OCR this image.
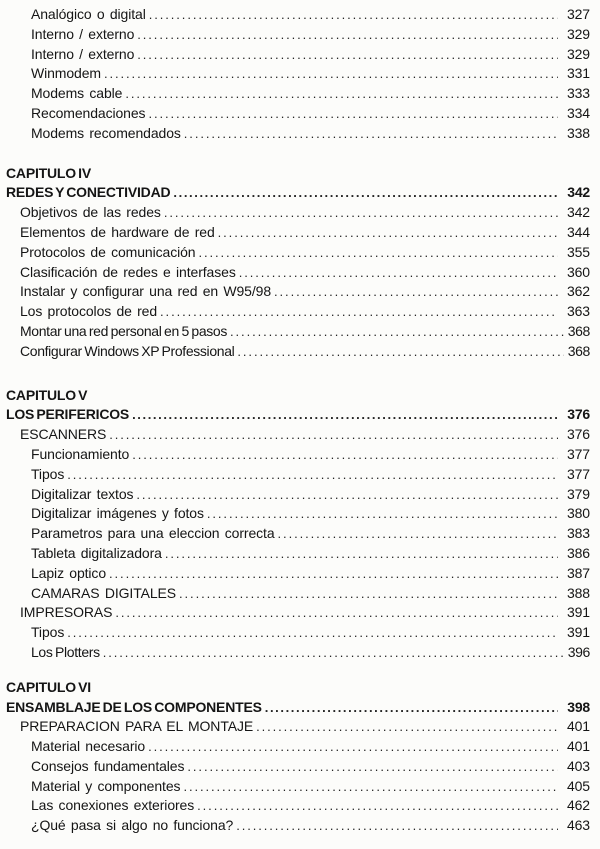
Analógico o digital .....	327
Interno / externo .....	329
Interno / externo .....	329
Winmodem .....	331
Modems cable .....	333
Recomendaciones .....	334
Modems recomendados .....	338
CAPITULO IV
REDES Y CONECTIVIDAD .....	342
Objetivos de las redes .....	342
Elementos de hardware de red .....	344
Protocolos de comunicación .....	355
Clasificación de redes e interfases .....	360
Instalar y configurar una red en W95/98 .....	362
Los protocolos de red .....	363
Montar una red personal en 5 pasos .....	368
Configurar Windows XP Professional .....	368
CAPITULO V
LOS PERIFERICOS .....	376
ESCANNERS .....	376
Funcionamiento .....	377
Tipos .....	377
Digitalizar textos .....	379
Digitalizar imágenes y fotos .....	380
Parametros para una eleccion correcta .....	383
Tableta digitalizadora .....	386
Lapiz optico .....	387
CAMARAS DIGITALES .....	388
IMPRESORAS .....	391
Tipos .....	391
Los Plotters .....	396
CAPITULO VI
ENSAMBLAJE DE LOS COMPONENTES .....	398
PREPARACION PARA EL MONTAJE .....	401
Material necesario .....	401
Consejos fundamentales .....	403
Material y componentes .....	405
Las conexiones exteriores .....	462
¿Qué pasa si algo no funciona? .....	463
